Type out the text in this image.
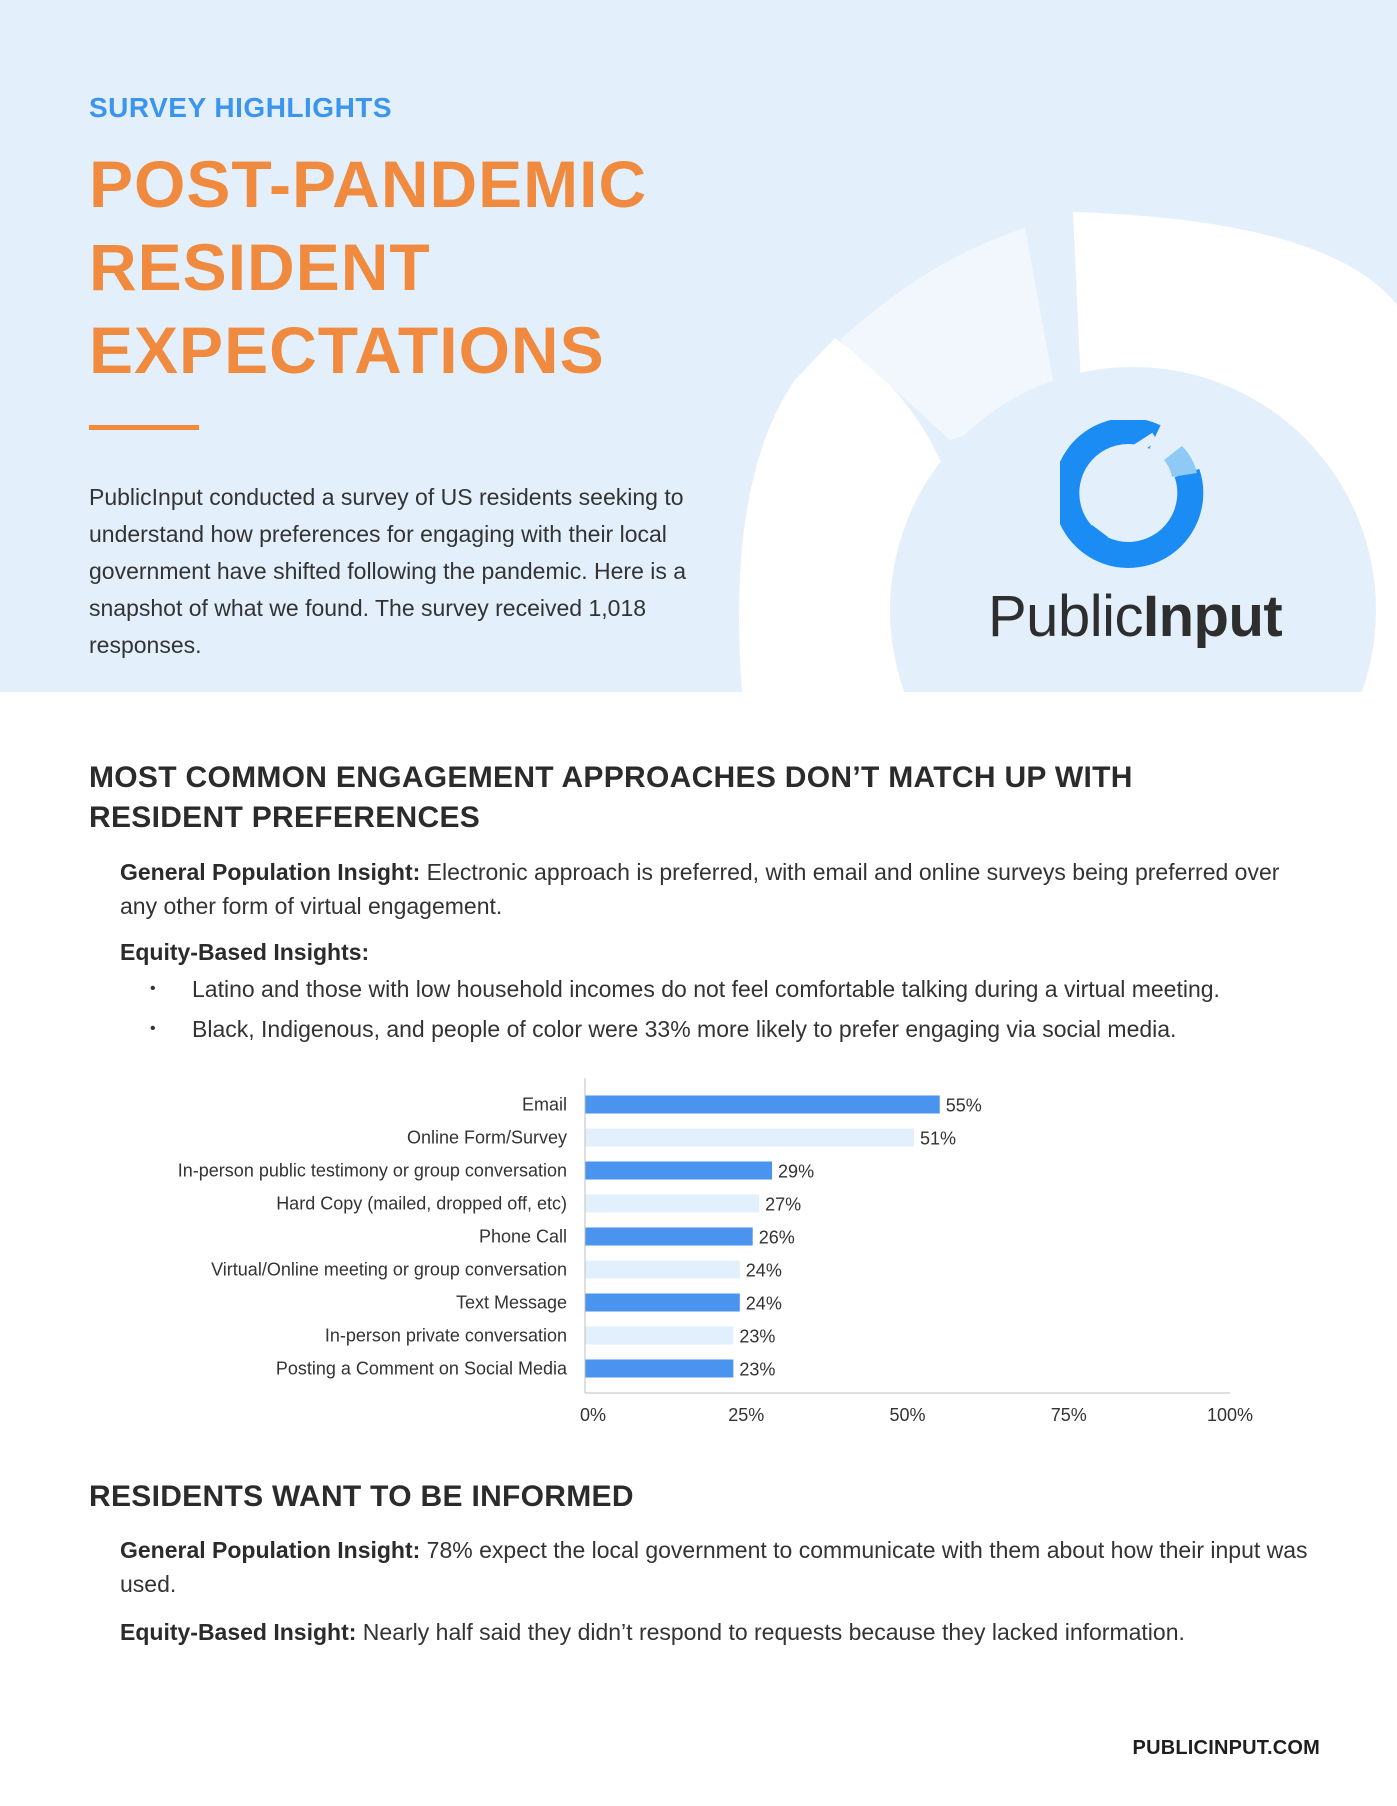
SURVEY HIGHLIGHTS
POST-PANDEMIC
RESIDENT
EXPECTATIONS

PublicInput conducted a survey of US residents seeking to understand how preferences for engaging with their local government have shifted following the pandemic. Here is a snapshot of what we found. The survey received 1,018 responses.	PublicInput
MOST COMMON ENGAGEMENT APPROACHES DON’T MATCH UP WITH RESIDENT PREFERENCES

General Population Insight: Electronic approach is preferred, with email and online surveys being preferred over any other form of virtual engagement.

Equity-Based Insights:

• Latino and those with low household incomes do not feel comfortable talking during a virtual meeting.
• Black, Indigenous, and people of color were 33% more likely to prefer engaging via social media.
Email	55%
Online Form/Survey	51%
In-person public testimony or group conversation	29%
Hard Copy (mailed, dropped off, etc)	27%
Phone Call	26%
Virtual/Online meeting or group conversation	24%
Text Message	24%
In-person private conversation	23%
Posting a Comment on Social Media	23%
0%	25%	50%	75%	100%
RESIDENTS WANT TO BE INFORMED

General Population Insight: 78% expect the local government to communicate with them about how their input was used.

Equity-Based Insight: Nearly half said they didn’t respond to requests because they lacked information.

PUBLICINPUT.COM
